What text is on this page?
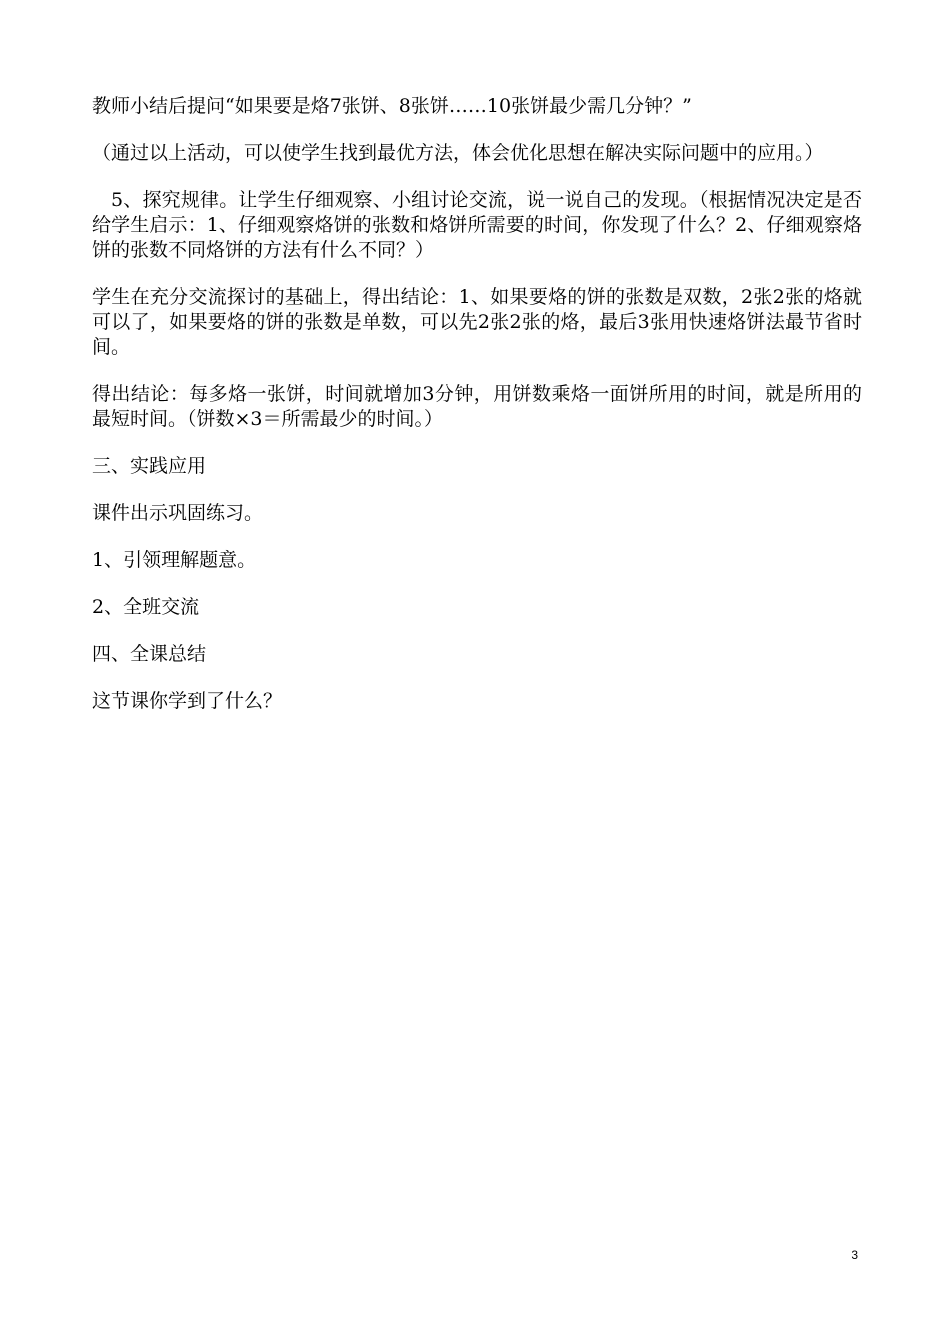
教师小结后提问“如果要是烙7张饼、8张饼……10张饼最少需几分钟？”

（通过以上活动，可以使学生找到最优方法，体会优化思想在解决实际问题中的应用。）

5、探究规律。让学生仔细观察、小组讨论交流，说一说自己的发现。（根据情况决定是否给学生启示：1、仔细观察烙饼的张数和烙饼所需要的时间，你发现了什么？2、仔细观察烙饼的张数不同烙饼的方法有什么不同？）

学生在充分交流探讨的基础上，得出结论：1、如果要烙的饼的张数是双数，2张2张的烙就可以了，如果要烙的饼的张数是单数，可以先2张2张的烙，最后3张用快速烙饼法最节省时间。

得出结论：每多烙一张饼，时间就增加3分钟，用饼数乘烙一面饼所用的时间，就是所用的最短时间。（饼数×3＝所需最少的时间。）

三、实践应用

课件出示巩固练习。

1、引领理解题意。

2、全班交流

四、全课总结

这节课你学到了什么？

3
